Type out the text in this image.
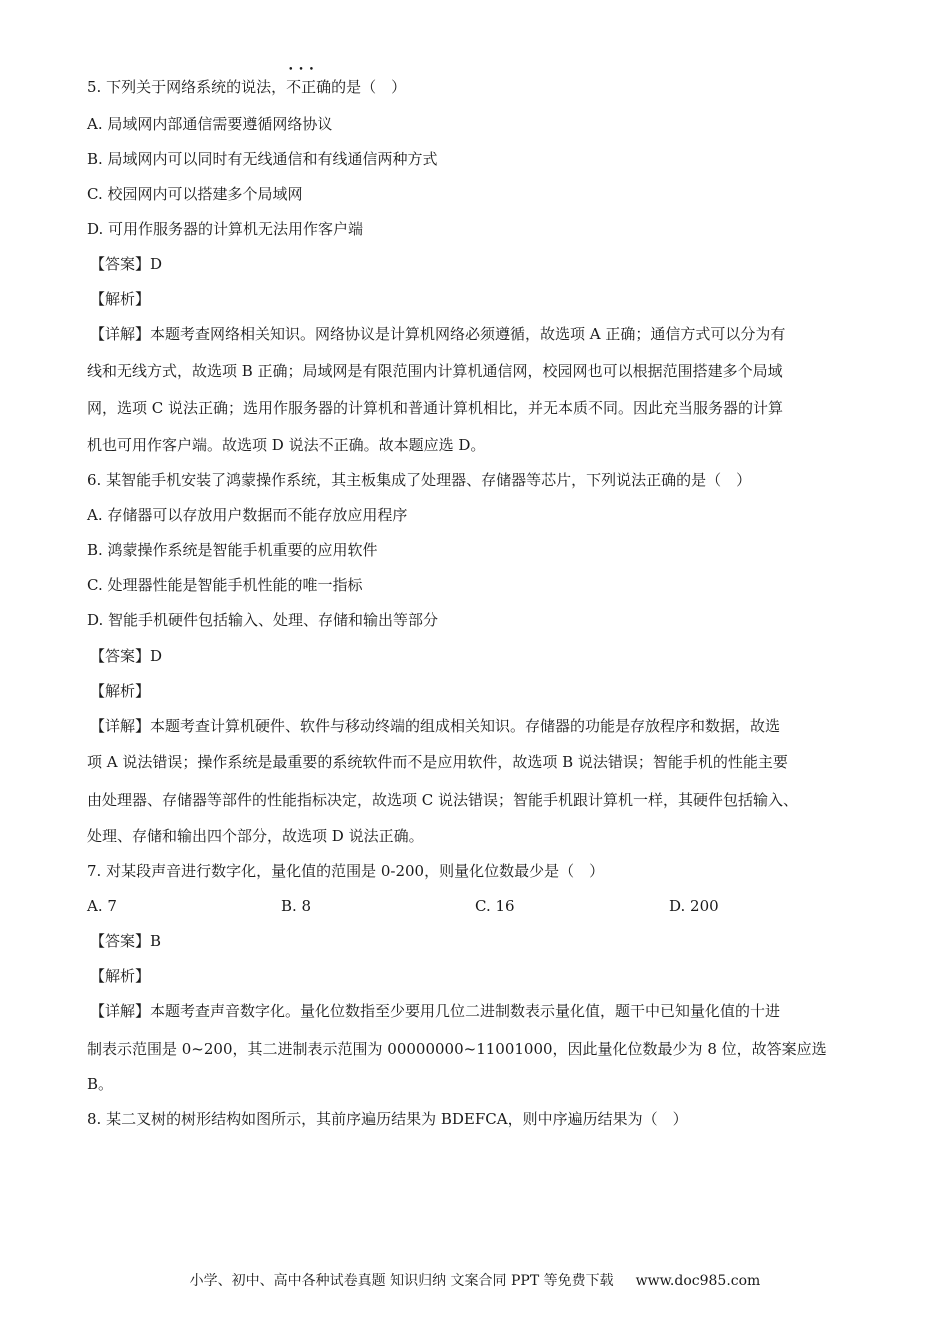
5. 下列关于网络系统的说法，••• 不正确的是（　）
A. 局域网内部通信需要遵循网络协议
B. 局域网内可以同时有无线通信和有线通信两种方式
C. 校园网内可以搭建多个局域网
D. 可用作服务器的计算机无法用作客户端
【答案】D
【解析】
【详解】本题考查网络相关知识。网络协议是计算机网络必须遵循，故选项 A 正确；通信方式可以分为有
线和无线方式，故选项 B 正确；局域网是有限范围内计算机通信网，校园网也可以根据范围搭建多个局域
网，选项 C 说法正确；选用作服务器的计算机和普通计算机相比，并无本质不同。因此充当服务器的计算
机也可用作客户端。故选项 D 说法不正确。故本题应选 D。
6. 某智能手机安装了鸿蒙操作系统，其主板集成了处理器、存储器等芯片，下列说法正确的是（　）
A. 存储器可以存放用户数据而不能存放应用程序
B. 鸿蒙操作系统是智能手机重要的应用软件
C. 处理器性能是智能手机性能的唯一指标
D. 智能手机硬件包括输入、处理、存储和输出等部分
【答案】D
【解析】
【详解】本题考查计算机硬件、软件与移动终端的组成相关知识。存储器的功能是存放程序和数据，故选
项 A 说法错误；操作系统是最重要的系统软件而不是应用软件，故选项 B 说法错误；智能手机的性能主要
由处理器、存储器等部件的性能指标决定，故选项 C 说法错误；智能手机跟计算机一样，其硬件包括输入、
处理、存储和输出四个部分，故选项 D 说法正确。
7. 对某段声音进行数字化，量化值的范围是 0-200，则量化位数最少是（　）
A. 7	B. 8	C. 16	D. 200
【答案】B
【解析】
【详解】本题考查声音数字化。量化位数指至少要用几位二进制数表示量化值，题干中已知量化值的十进
制表示范围是 0~200，其二进制表示范围为 00000000~11001000，因此量化位数最少为 8 位，故答案应选
B。
8. 某二叉树的树形结构如图所示，其前序遍历结果为 BDEFCA，则中序遍历结果为（　）
小学、初中、高中各种试卷真题 知识归纳 文案合同 PPT 等免费下载 www.doc985.com
